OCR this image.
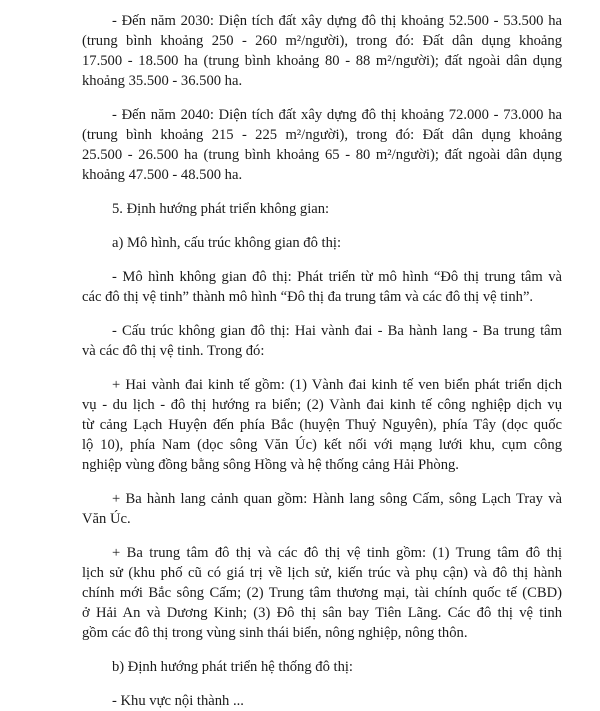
- Đến năm 2030: Diện tích đất xây dựng đô thị khoảng 52.500 - 53.500 ha
(trung bình khoảng 250 - 260 m²/người), trong đó: Đất dân dụng khoảng
17.500 - 18.500 ha (trung bình khoảng 80 - 88 m²/người); đất ngoài dân dụng
khoảng 35.500 - 36.500 ha.
- Đến năm 2040: Diện tích đất xây dựng đô thị khoảng 72.000 - 73.000 ha
(trung bình khoảng 215 - 225 m²/người), trong đó: Đất dân dụng khoảng
25.500 - 26.500 ha (trung bình khoảng 65 - 80 m²/người); đất ngoài dân dụng
khoảng 47.500 - 48.500 ha.
5. Định hướng phát triển không gian:
a) Mô hình, cấu trúc không gian đô thị:
- Mô hình không gian đô thị: Phát triển từ mô hình “Đô thị trung tâm và
các đô thị vệ tinh” thành mô hình “Đô thị đa trung tâm và các đô thị vệ tinh”.
- Cấu trúc không gian đô thị: Hai vành đai - Ba hành lang - Ba trung tâm
và các đô thị vệ tinh. Trong đó:
+ Hai vành đai kinh tế gồm: (1) Vành đai kinh tế ven biển phát triển dịch
vụ - du lịch - đô thị hướng ra biển; (2) Vành đai kinh tế công nghiệp dịch vụ
từ cảng Lạch Huyện đến phía Bắc (huyện Thuỷ Nguyên), phía Tây (dọc quốc
lộ 10), phía Nam (dọc sông Văn Úc) kết nối với mạng lưới khu, cụm công
nghiệp vùng đồng bằng sông Hồng và hệ thống cảng Hải Phòng.
+ Ba hành lang cảnh quan gồm: Hành lang sông Cấm, sông Lạch Tray và
Văn Úc.
+ Ba trung tâm đô thị và các đô thị vệ tinh gồm: (1) Trung tâm đô thị
lịch sử (khu phố cũ có giá trị về lịch sử, kiến trúc và phụ cận) và đô thị hành
chính mới Bắc sông Cấm; (2) Trung tâm thương mại, tài chính quốc tế (CBD)
ở Hải An và Dương Kinh; (3) Đô thị sân bay Tiên Lãng. Các đô thị vệ tinh
gồm các đô thị trong vùng sinh thái biển, nông nghiệp, nông thôn.
b) Định hướng phát triển hệ thống đô thị:
- Khu vực nội thành ...
